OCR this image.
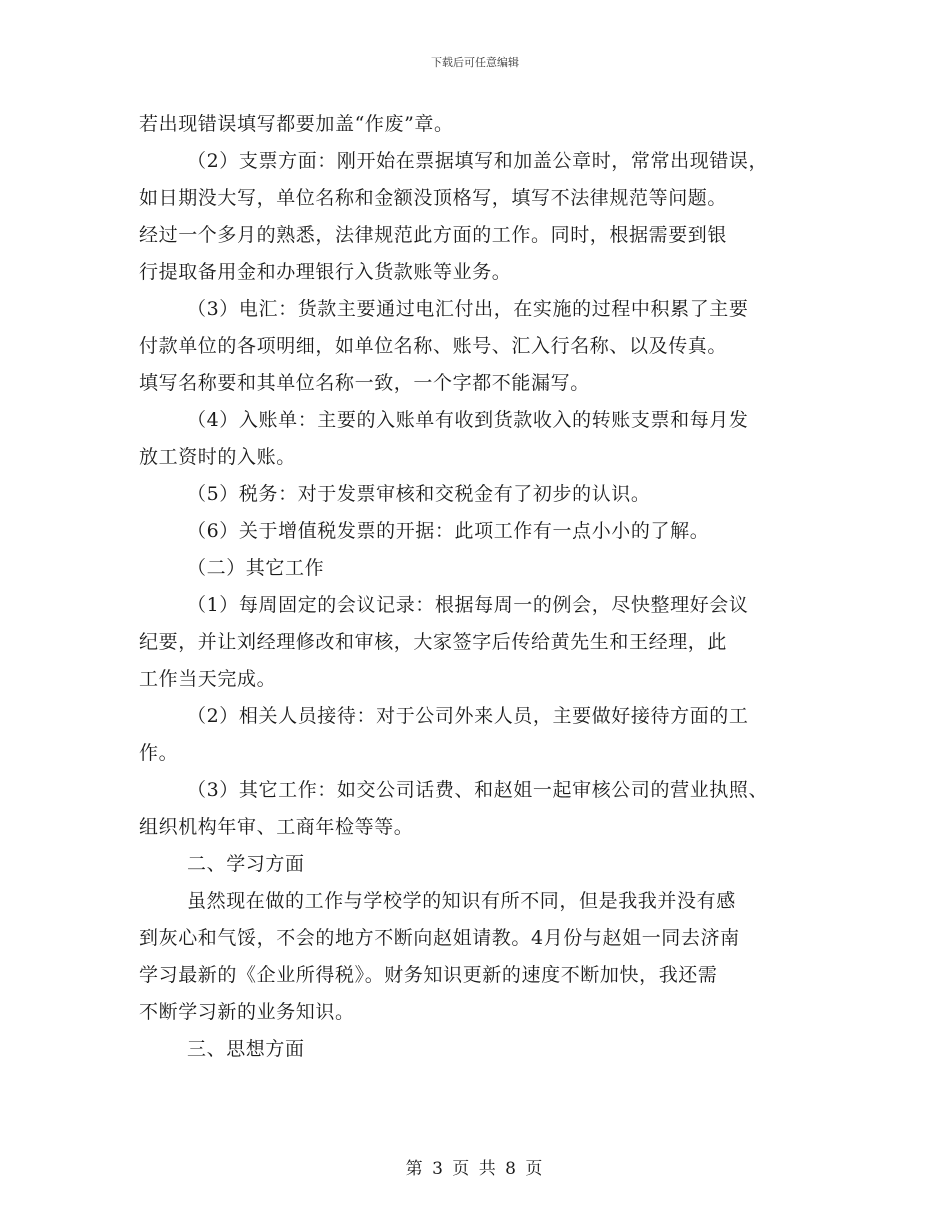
下载后可任意编辑
若出现错误填写都要加盖“作废”章。
（2）支票方面：刚开始在票据填写和加盖公章时，常常出现错误，
如日期没大写，单位名称和金额没顶格写，填写不法律规范等问题。
经过一个多月的熟悉，法律规范此方面的工作。同时，根据需要到银
行提取备用金和办理银行入货款账等业务。
（3）电汇：货款主要通过电汇付出，在实施的过程中积累了主要
付款单位的各项明细，如单位名称、账号、汇入行名称、以及传真。
填写名称要和其单位名称一致，一个字都不能漏写。
（4）入账单：主要的入账单有收到货款收入的转账支票和每月发
放工资时的入账。
（5）税务：对于发票审核和交税金有了初步的认识。
（6）关于增值税发票的开据：此项工作有一点小小的了解。
（二）其它工作
（1）每周固定的会议记录：根据每周一的例会，尽快整理好会议
纪要，并让刘经理修改和审核，大家签字后传给黄先生和王经理，此
工作当天完成。
（2）相关人员接待：对于公司外来人员，主要做好接待方面的工
作。
（3）其它工作：如交公司话费、和赵姐一起审核公司的营业执照、
组织机构年审、工商年检等等。
二、学习方面
虽然现在做的工作与学校学的知识有所不同，但是我我并没有感
到灰心和气馁，不会的地方不断向赵姐请教。4月份与赵姐一同去济南
学习最新的《企业所得税》。财务知识更新的速度不断加快，我还需
不断学习新的业务知识。
三、思想方面
第 3 页 共 8 页
